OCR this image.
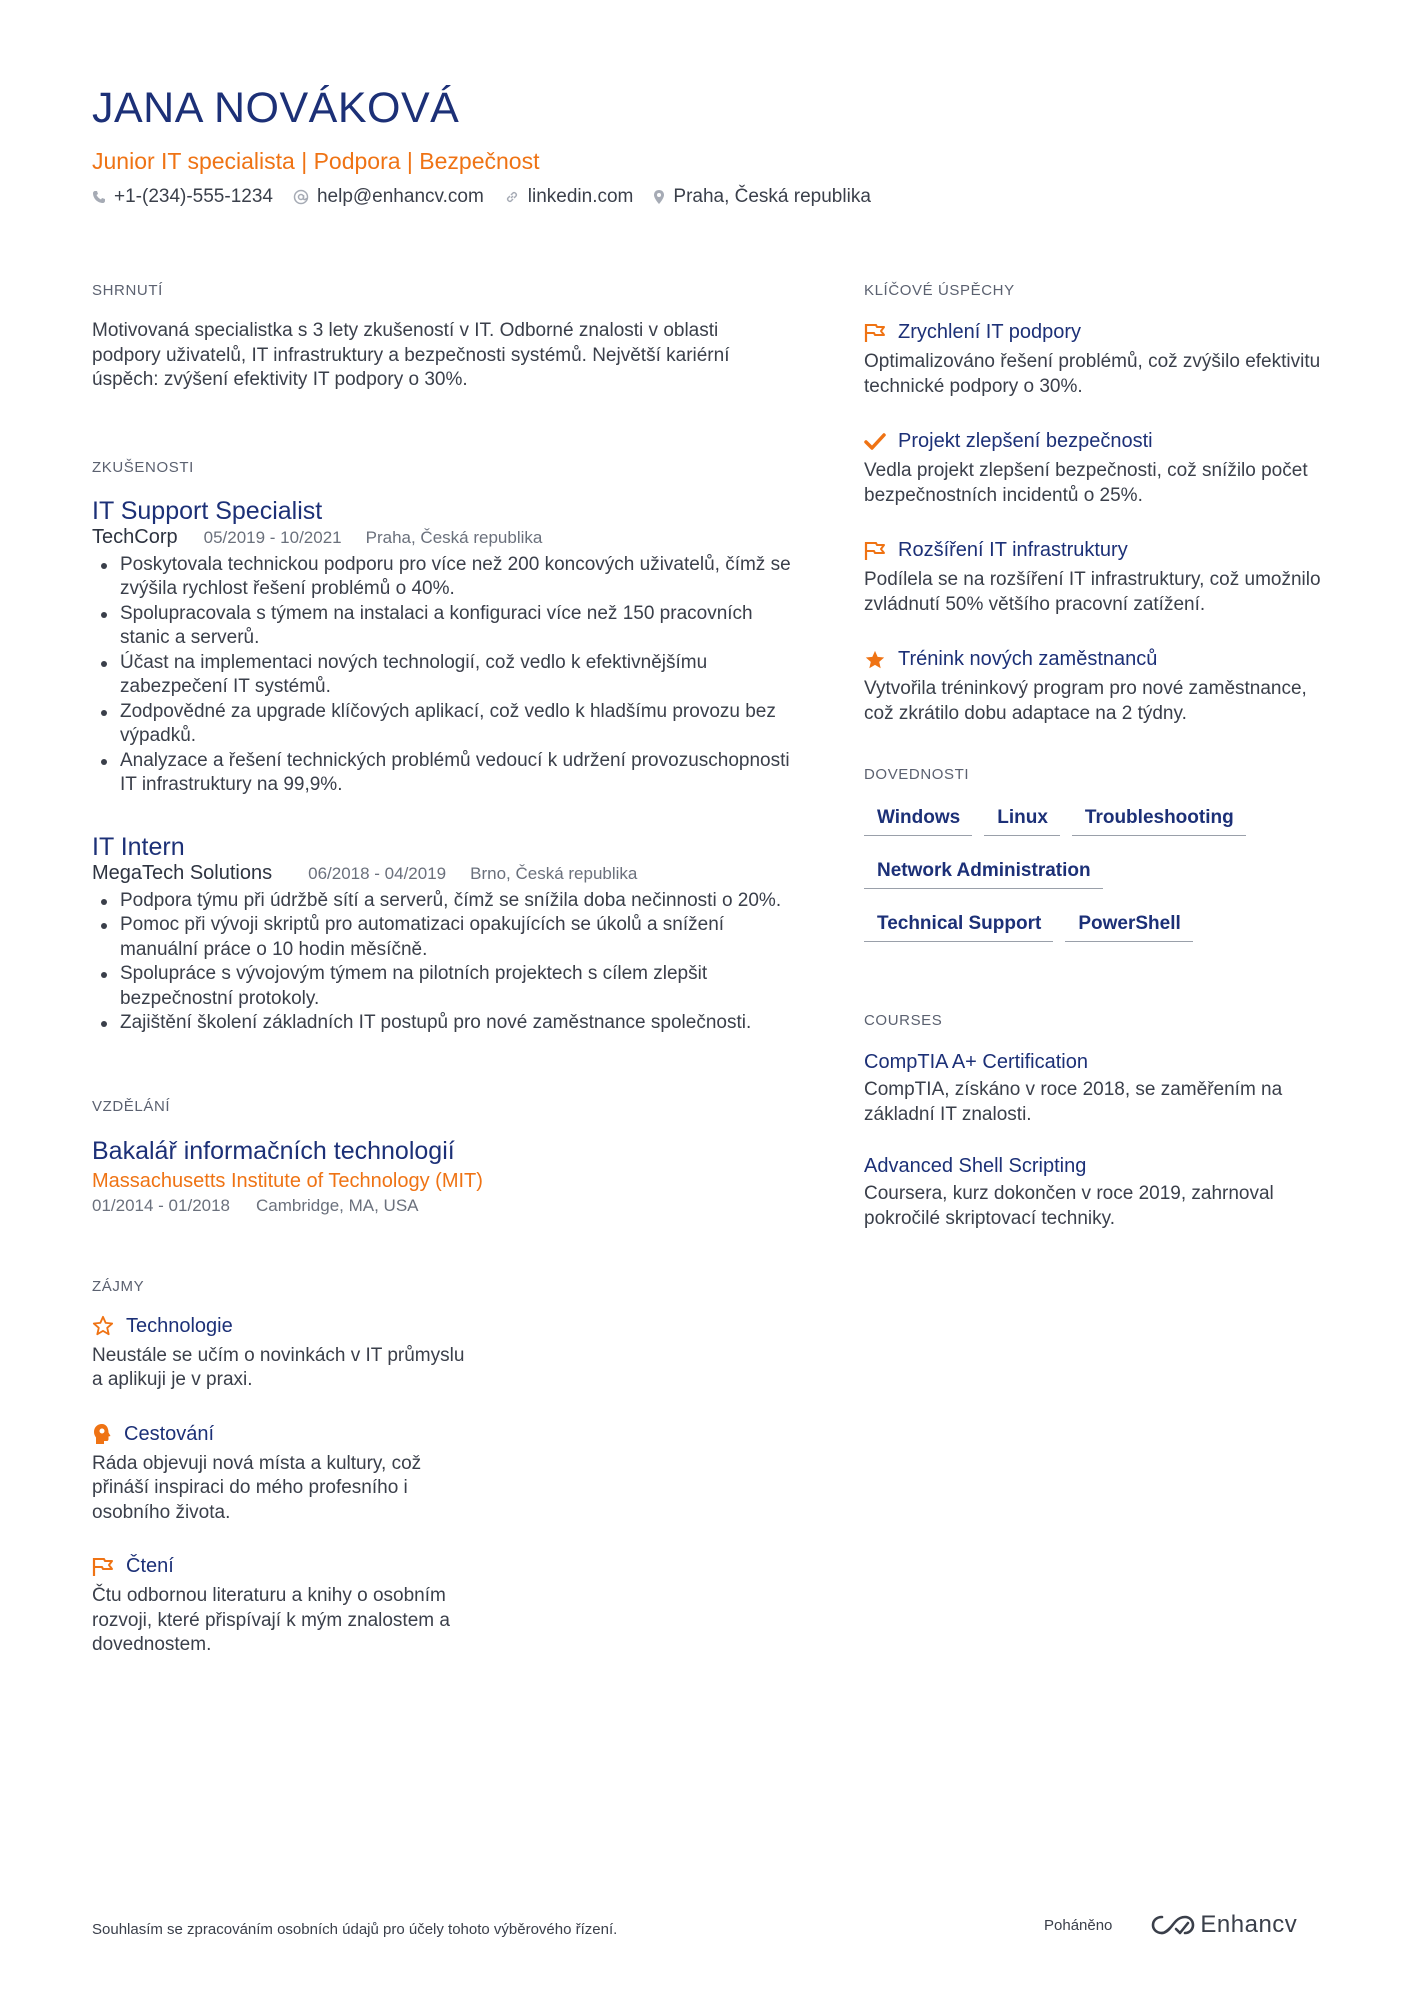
JANA NOVÁKOVÁ
Junior IT specialista | Podpora | Bezpečnost
+1-(234)-555-1234 help@enhancv.com linkedin.com Praha, Česká republika
SHRNUTÍ
Motivovaná specialistka s 3 lety zkušeností v IT. Odborné znalosti v oblasti podpory uživatelů, IT infrastruktury a bezpečnosti systémů. Největší kariérní úspěch: zvýšení efektivity IT podpory o 30%.
ZKUŠENOSTI
IT Support Specialist
TechCorp 05/2019 - 10/2021 Praha, Česká republika
Poskytovala technickou podporu pro více než 200 koncových uživatelů, čímž se zvýšila rychlost řešení problémů o 40%.
Spolupracovala s týmem na instalaci a konfiguraci více než 150 pracovních stanic a serverů.
Účast na implementaci nových technologií, což vedlo k efektivnějšímu zabezpečení IT systémů.
Zodpovědné za upgrade klíčových aplikací, což vedlo k hladšímu provozu bez výpadků.
Analyzace a řešení technických problémů vedoucí k udržení provozuschopnosti IT infrastruktury na 99,9%.
IT Intern
MegaTech Solutions 06/2018 - 04/2019 Brno, Česká republika
Podpora týmu při údržbě sítí a serverů, čímž se snížila doba nečinnosti o 20%.
Pomoc při vývoji skriptů pro automatizaci opakujících se úkolů a snížení manuální práce o 10 hodin měsíčně.
Spolupráce s vývojovým týmem na pilotních projektech s cílem zlepšit bezpečnostní protokoly.
Zajištění školení základních IT postupů pro nové zaměstnance společnosti.
VZDĚLÁNÍ
Bakalář informačních technologií
Massachusetts Institute of Technology (MIT)
01/2014 - 01/2018 Cambridge, MA, USA
ZÁJMY
Technologie
Neustále se učím o novinkách v IT průmyslu a aplikuji je v praxi.
Cestování
Ráda objevuji nová místa a kultury, což přináší inspiraci do mého profesního i osobního života.
Čtení
Čtu odbornou literaturu a knihy o osobním rozvoji, které přispívají k mým znalostem a dovednostem.
KLÍČOVÉ ÚSPĚCHY
Zrychlení IT podpory
Optimalizováno řešení problémů, což zvýšilo efektivitu technické podpory o 30%.
Projekt zlepšení bezpečnosti
Vedla projekt zlepšení bezpečnosti, což snížilo počet bezpečnostních incidentů o 25%.
Rozšíření IT infrastruktury
Podílela se na rozšíření IT infrastruktury, což umožnilo zvládnutí 50% většího pracovní zatížení.
Trénink nových zaměstnanců
Vytvořila tréninkový program pro nové zaměstnance, což zkrátilo dobu adaptace na 2 týdny.
DOVEDNOSTI
Windows	Linux	Troubleshooting
Network Administration
Technical Support	PowerShell
COURSES
CompTIA A+ Certification
CompTIA, získáno v roce 2018, se zaměřením na základní IT znalosti.
Advanced Shell Scripting
Coursera, kurz dokončen v roce 2019, zahrnoval pokročilé skriptovací techniky.
Souhlasím se zpracováním osobních údajů pro účely tohoto výběrového řízení.	Poháněno	Enhancv
